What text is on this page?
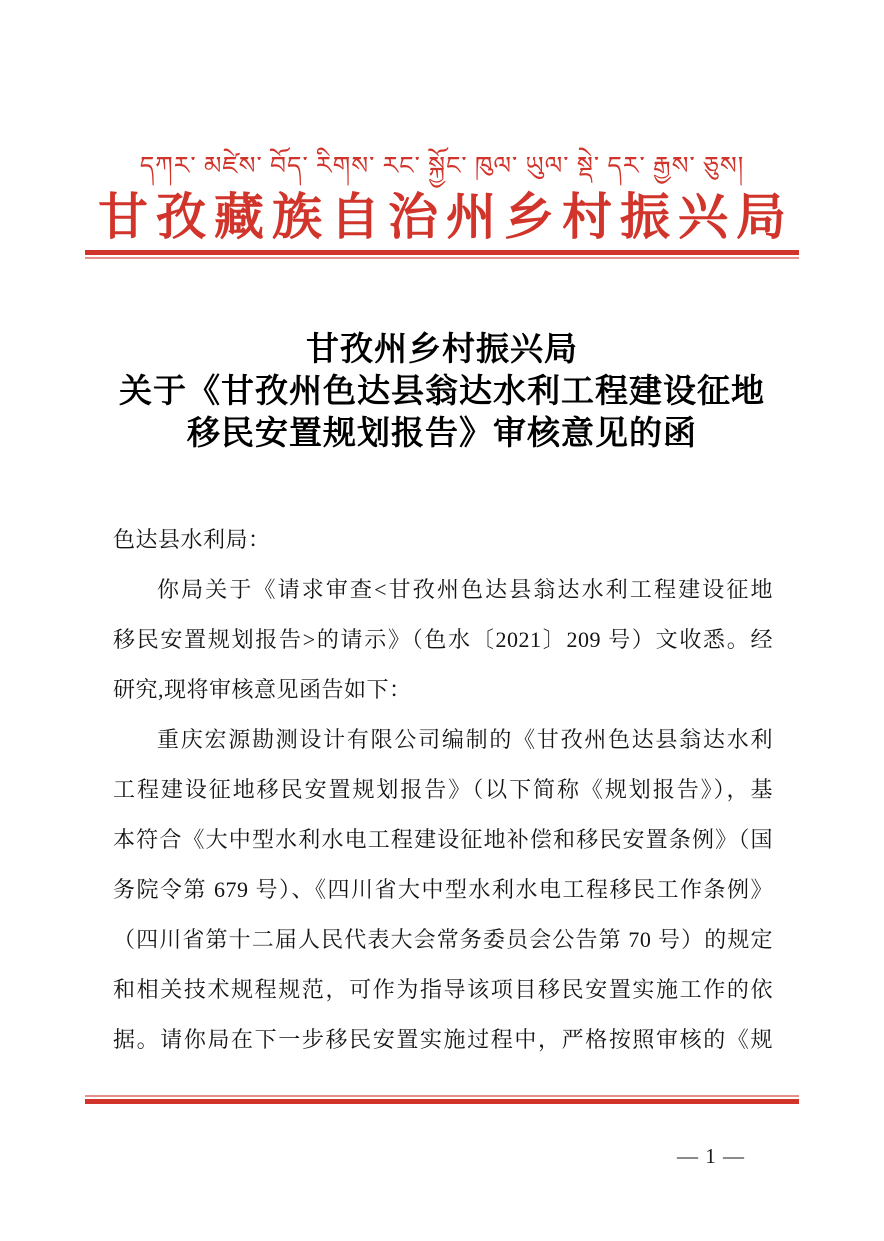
དཀར་ མཛེས་ བོད་ རིགས་ རང་ སྐྱོང་ ཁུལ་ ཡུལ་ སྡེ་ དར་ རྒྱས་ ཅུས།
甘孜藏族自治州乡村振兴局
甘孜州乡村振兴局
关于《甘孜州色达县翁达水利工程建设征地
移民安置规划报告》审核意见的函
色达县水利局：
你局关于《请求审查<甘孜州色达县翁达水利工程建设征地
移民安置规划报告>的请示》（色水〔2021〕209 号）文收悉。经
研究,现将审核意见函告如下：
重庆宏源勘测设计有限公司编制的《甘孜州色达县翁达水利
工程建设征地移民安置规划报告》（以下简称《规划报告》），基
本符合《大中型水利水电工程建设征地补偿和移民安置条例》（国
务院令第 679 号）、《四川省大中型水利水电工程移民工作条例》
（四川省第十二届人民代表大会常务委员会公告第 70 号）的规定
和相关技术规程规范，可作为指导该项目移民安置实施工作的依
据。请你局在下一步移民安置实施过程中，严格按照审核的《规
— 1 —
